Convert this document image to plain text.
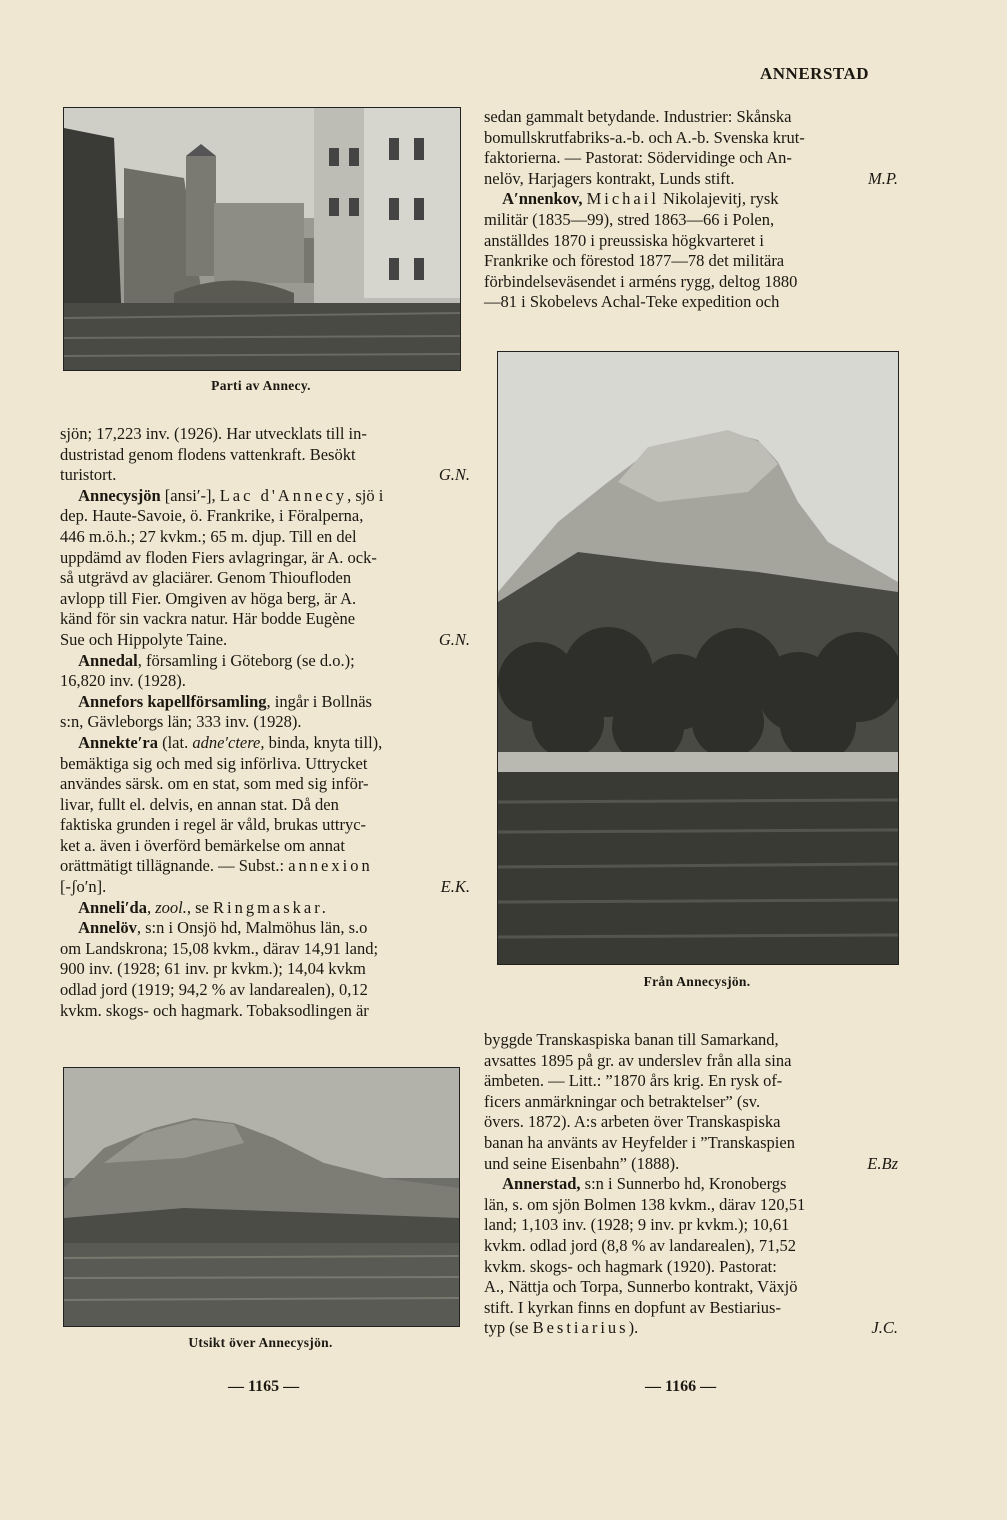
ANNERSTAD
Parti av Annecy.
Från Annecysjön.
Utsikt över Annecysjön.

sjön; 17,223 inv. (1926). Har utvecklats till in-

dustristad genom flodens vattenkraft. Besökt

turistort.	G.N.

Annecysjön [ansi′-], Lac d'Annecy, sjö i

dep. Haute-Savoie, ö. Frankrike, i Föralperna,

446 m.ö.h.; 27 kvkm.; 65 m. djup. Till en del

uppdämd av floden Fiers avlagringar, är A. ock-

så utgrävd av glaciärer. Genom Thioufloden

avlopp till Fier. Omgiven av höga berg, är A.

känd för sin vackra natur. Här bodde Eugène

Sue och Hippolyte Taine.	G.N.

Annedal, församling i Göteborg (se d.o.);

16,820 inv. (1928).

Annefors kapellförsamling, ingår i Bollnäs

s:n, Gävleborgs län; 333 inv. (1928).

Annekte′ra (lat. adne′ctere, binda, knyta till),

bemäktiga sig och med sig införliva. Uttrycket

användes särsk. om en stat, som med sig inför-

livar, fullt el. delvis, en annan stat. Då den

faktiska grunden i regel är våld, brukas uttryc-

ket a. även i överförd bemärkelse om annat

orättmätigt tillägnande. — Subst.: annexion

[-ʃo′n].	E.K.

Anneli′da, zool., se Ringmaskar.

Annelöv, s:n i Onsjö hd, Malmöhus län, s.o

om Landskrona; 15,08 kvkm., därav 14,91 land;

900 inv. (1928; 61 inv. pr kvkm.); 14,04 kvkm

odlad jord (1919; 94,2 % av landarealen), 0,12

kvkm. skogs- och hagmark. Tobaksodlingen är

sedan gammalt betydande. Industrier: Skånska

bomullskrutfabriks-a.-b. och A.-b. Svenska krut-

faktorierna. — Pastorat: Södervidinge och An-

nelöv, Harjagers kontrakt, Lunds stift.	M.P.

A′nnenkov, Michail Nikolajevitj, rysk

militär (1835—99), stred 1863—66 i Polen,

anställdes 1870 i preussiska högkvarteret i

Frankrike och förestod 1877—78 det militära

förbindelseväsendet i arméns rygg, deltog 1880

—81 i Skobelevs Achal-Teke expedition och

byggde Transkaspiska banan till Samarkand,

avsattes 1895 på gr. av underslev från alla sina

ämbeten. — Litt.: ”1870 års krig. En rysk of-

ficers anmärkningar och betraktelser” (sv.

övers. 1872). A:s arbeten över Transkaspiska

banan ha använts av Heyfelder i ”Transkaspien

und seine Eisenbahn” (1888).	E.Bz

Annerstad, s:n i Sunnerbo hd, Kronobergs

län, s. om sjön Bolmen 138 kvkm., därav 120,51

land; 1,103 inv. (1928; 9 inv. pr kvkm.); 10,61

kvkm. odlad jord (8,8 % av landarealen), 71,52

kvkm. skogs- och hagmark (1920). Pastorat:

A., Nättja och Torpa, Sunnerbo kontrakt, Växjö

stift. I kyrkan finns en dopfunt av Bestiarius-

typ (se Bestiarius).	J.C.

— 1165 —	— 1166 —
